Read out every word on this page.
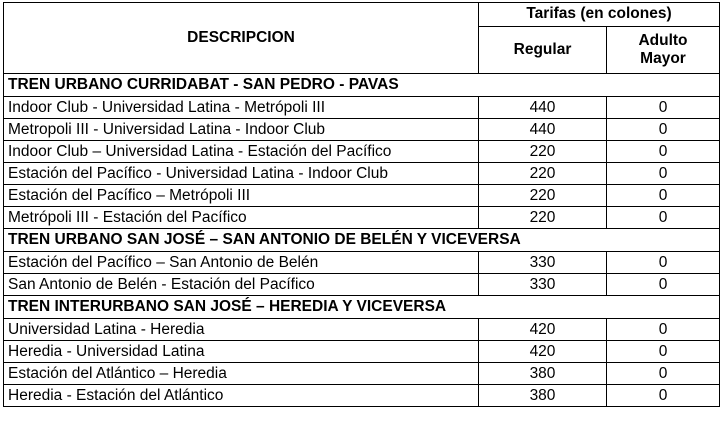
DESCRIPCION	Tarifas (en colones)	
	Regular	Adulto
Mayor
TREN URBANO CURRIDABAT - SAN PEDRO - PAVAS		
Indoor Club - Universidad Latina - Metrópoli III	440	0
Metropoli III - Universidad Latina - Indoor Club	440	0
Indoor Club – Universidad Latina - Estación del Pacífico	220	0
Estación del Pacífico - Universidad Latina - Indoor Club	220	0
Estación del Pacífico – Metrópoli III	220	0
Metrópoli III - Estación del Pacífico	220	0
TREN URBANO SAN JOSÉ – SAN ANTONIO DE BELÉN Y VICEVERSA		
Estación del Pacífico – San Antonio de Belén	330	0
San Antonio de Belén - Estación del Pacífico	330	0
TREN INTERURBANO SAN JOSÉ – HEREDIA Y VICEVERSA		
Universidad Latina - Heredia	420	0
Heredia - Universidad Latina	420	0
Estación del Atlántico – Heredia	380	0
Heredia - Estación del Atlántico	380	0
